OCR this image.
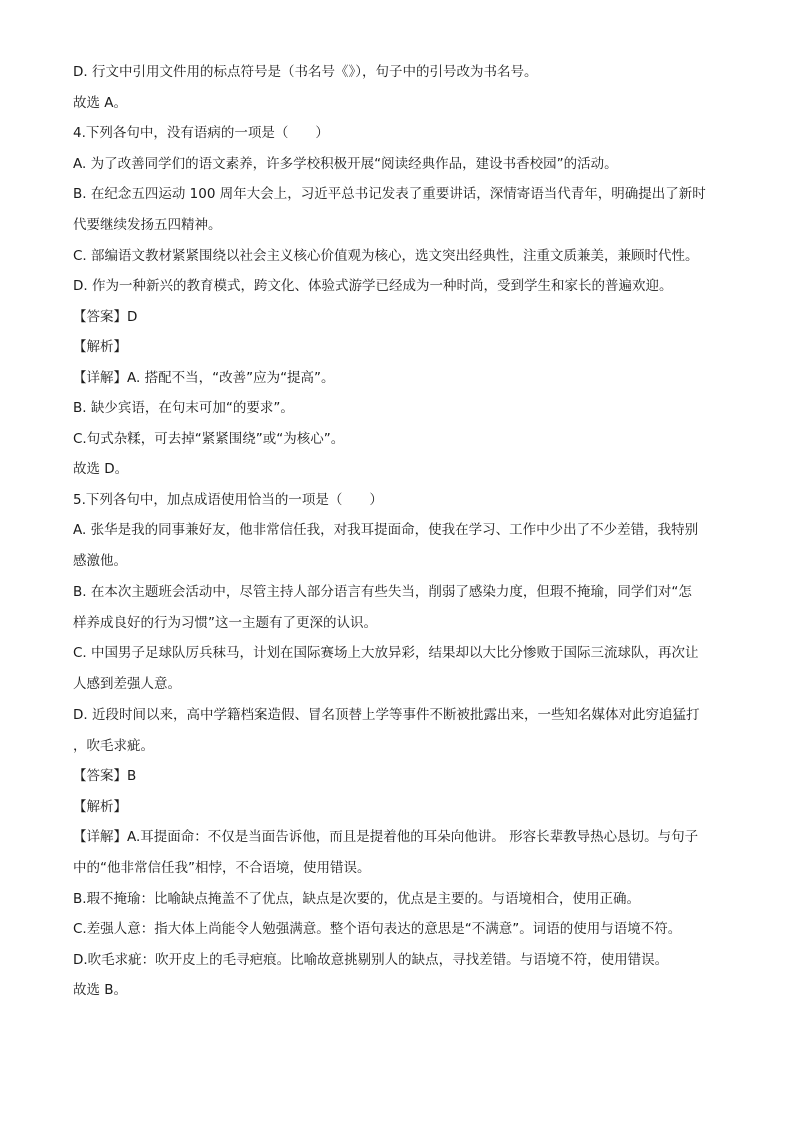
D. 行文中引用文件用的标点符号是（书名号《》），句子中的引号改为书名号。

故选 A。

4.下列各句中，没有语病的一项是（　　）

A. 为了改善同学们的语文素养，许多学校积极开展“阅读经典作品，建设书香校园”的活动。

B. 在纪念五四运动 100 周年大会上，习近平总书记发表了重要讲话，深情寄语当代青年，明确提出了新时

代要继续发扬五四精神。

C. 部编语文教材紧紧围绕以社会主义核心价值观为核心，选文突出经典性，注重文质兼美，兼顾时代性。

D. 作为一种新兴的教育模式，跨文化、体验式游学已经成为一种时尚，受到学生和家长的普遍欢迎。

【答案】D

【解析】

【详解】A. 搭配不当，“改善”应为“提高”。

B. 缺少宾语，在句末可加“的要求”。

C.句式杂糅，可去掉“紧紧围绕”或“为核心”。

故选 D。

5.下列各句中，加点成语使用恰当的一项是（　　）

A. 张华是我的同事兼好友，他非常信任我，对我耳提面命，使我在学习、工作中少出了不少差错，我特别

感激他。

B. 在本次主题班会活动中，尽管主持人部分语言有些失当，削弱了感染力度，但瑕不掩瑜，同学们对“怎

样养成良好的行为习惯”这一主题有了更深的认识。

C. 中国男子足球队厉兵秣马，计划在国际赛场上大放异彩，结果却以大比分惨败于国际三流球队，再次让

人感到差强人意。

D. 近段时间以来，高中学籍档案造假、冒名顶替上学等事件不断被批露出来，一些知名媒体对此穷追猛打

，吹毛求疵。

【答案】B

【解析】

【详解】A.耳提面命：不仅是当面告诉他，而且是提着他的耳朵向他讲。 形容长辈教导热心恳切。与句子

中的“他非常信任我”相悖，不合语境，使用错误。

B.瑕不掩瑜：比喻缺点掩盖不了优点，缺点是次要的，优点是主要的。与语境相合，使用正确。

C.差强人意：指大体上尚能令人勉强满意。整个语句表达的意思是“不满意”。词语的使用与语境不符。

D.吹毛求疵：吹开皮上的毛寻疤痕。比喻故意挑剔别人的缺点，寻找差错。与语境不符，使用错误。

故选 B。
